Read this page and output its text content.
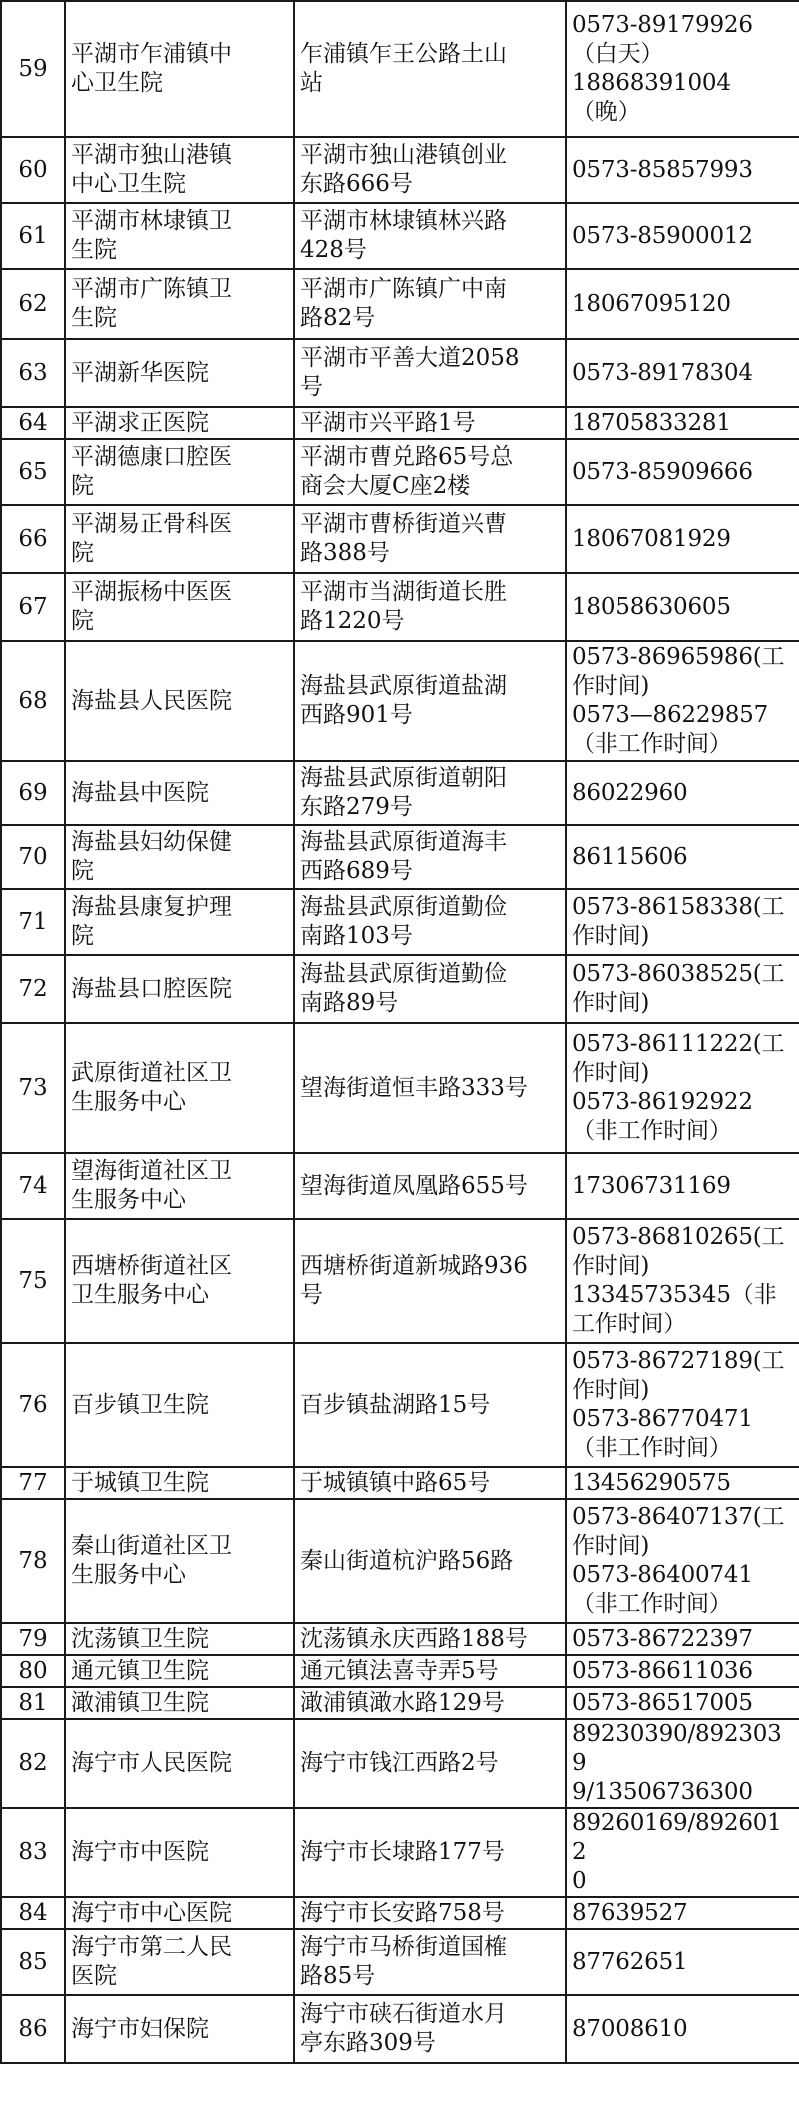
59	平湖市乍浦镇中
心卫生院	乍浦镇乍王公路土山
站	0573-89179926
（白天）
18868391004
（晚）

60	平湖市独山港镇
中心卫生院	平湖市独山港镇创业
东路666号	0573-85857993

61	平湖市林埭镇卫
生院	平湖市林埭镇林兴路
428号	0573-85900012

62	平湖市广陈镇卫
生院	平湖市广陈镇广中南
路82号	18067095120

63	平湖新华医院	平湖市平善大道2058
号	0573-89178304

64	平湖求正医院	平湖市兴平路1号	18705833281

65	平湖德康口腔医
院	平湖市曹兑路65号总
商会大厦C座2楼	0573-85909666

66	平湖易正骨科医
院	平湖市曹桥街道兴曹
路388号	18067081929

67	平湖振杨中医医
院	平湖市当湖街道长胜
路1220号	18058630605

68	海盐县人民医院	海盐县武原街道盐湖
西路901号	0573-86965986(工
作时间)
0573—86229857
（非工作时间）

69	海盐县中医院	海盐县武原街道朝阳
东路279号	86022960

70	海盐县妇幼保健
院	海盐县武原街道海丰
西路689号	86115606

71	海盐县康复护理
院	海盐县武原街道勤俭
南路103号	0573-86158338(工
作时间)

72	海盐县口腔医院	海盐县武原街道勤俭
南路89号	0573-86038525(工
作时间)

73	武原街道社区卫
生服务中心	望海街道恒丰路333号	0573-86111222(工
作时间)
0573-86192922
（非工作时间）

74	望海街道社区卫
生服务中心	望海街道凤凰路655号	17306731169

75	西塘桥街道社区
卫生服务中心	西塘桥街道新城路936
号	0573-86810265(工
作时间)
13345735345（非
工作时间）

76	百步镇卫生院	百步镇盐湖路15号	0573-86727189(工
作时间)
0573-86770471
（非工作时间）

77	于城镇卫生院	于城镇镇中路65号	13456290575

78	秦山街道社区卫
生服务中心	秦山街道杭沪路56路	0573-86407137(工
作时间)
0573-86400741
（非工作时间）

79	沈荡镇卫生院	沈荡镇永庆西路188号	0573-86722397

80	通元镇卫生院	通元镇法喜寺弄5号	0573-86611036

81	澉浦镇卫生院	澉浦镇澉水路129号	0573-86517005

82	海宁市人民医院	海宁市钱江西路2号	89230390/8923039
9/13506736300

83	海宁市中医院	海宁市长埭路177号	89260169/8926012
0

84	海宁市中心医院	海宁市长安路758号	87639527

85	海宁市第二人民
医院	海宁市马桥街道国榷
路85号	87762651

86	海宁市妇保院	海宁市硖石街道水月
亭东路309号	87008610
